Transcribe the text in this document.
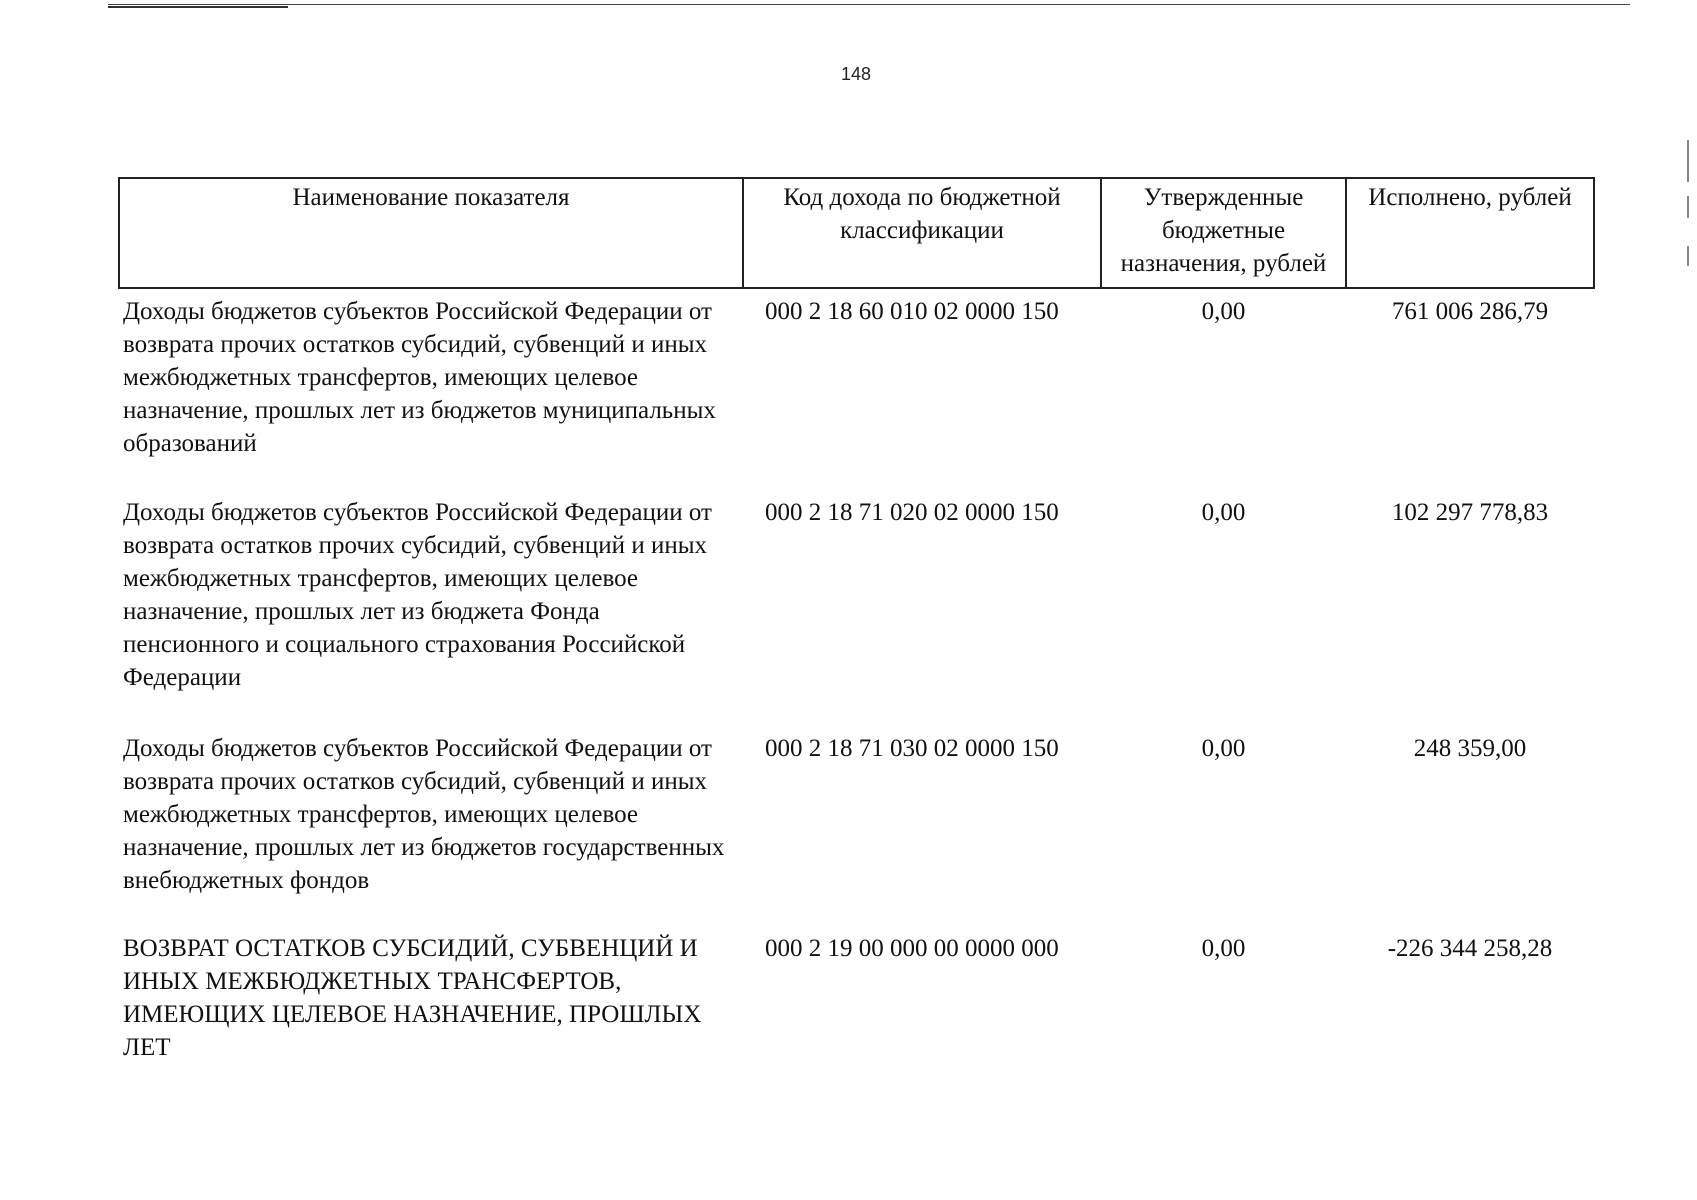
148
Наименование показателя	Код дохода по бюджетной классификации	Утвержденные бюджетные назначения, рублей	Исполнено, рублей
Доходы бюджетов субъектов Российской Федерации от возврата прочих остатков субсидий, субвенций и иных межбюджетных трансфертов, имеющих целевое назначение, прошлых лет из бюджетов муниципальных образований	000 2 18 60 010 02 0000 150	0,00	761 006 286,79
Доходы бюджетов субъектов Российской Федерации от возврата остатков прочих субсидий, субвенций и иных межбюджетных трансфертов, имеющих целевое назначение, прошлых лет из бюджета Фонда пенсионного и социального страхования Российской Федерации	000 2 18 71 020 02 0000 150	0,00	102 297 778,83
Доходы бюджетов субъектов Российской Федерации от возврата прочих остатков субсидий, субвенций и иных межбюджетных трансфертов, имеющих целевое назначение, прошлых лет из бюджетов государственных внебюджетных фондов	000 2 18 71 030 02 0000 150	0,00	248 359,00
ВОЗВРАТ ОСТАТКОВ СУБСИДИЙ, СУБВЕНЦИЙ И ИНЫХ МЕЖБЮДЖЕТНЫХ ТРАНСФЕРТОВ, ИМЕЮЩИХ ЦЕЛЕВОЕ НАЗНАЧЕНИЕ, ПРОШЛЫХ ЛЕТ	000 2 19 00 000 00 0000 000	0,00	-226 344 258,28
